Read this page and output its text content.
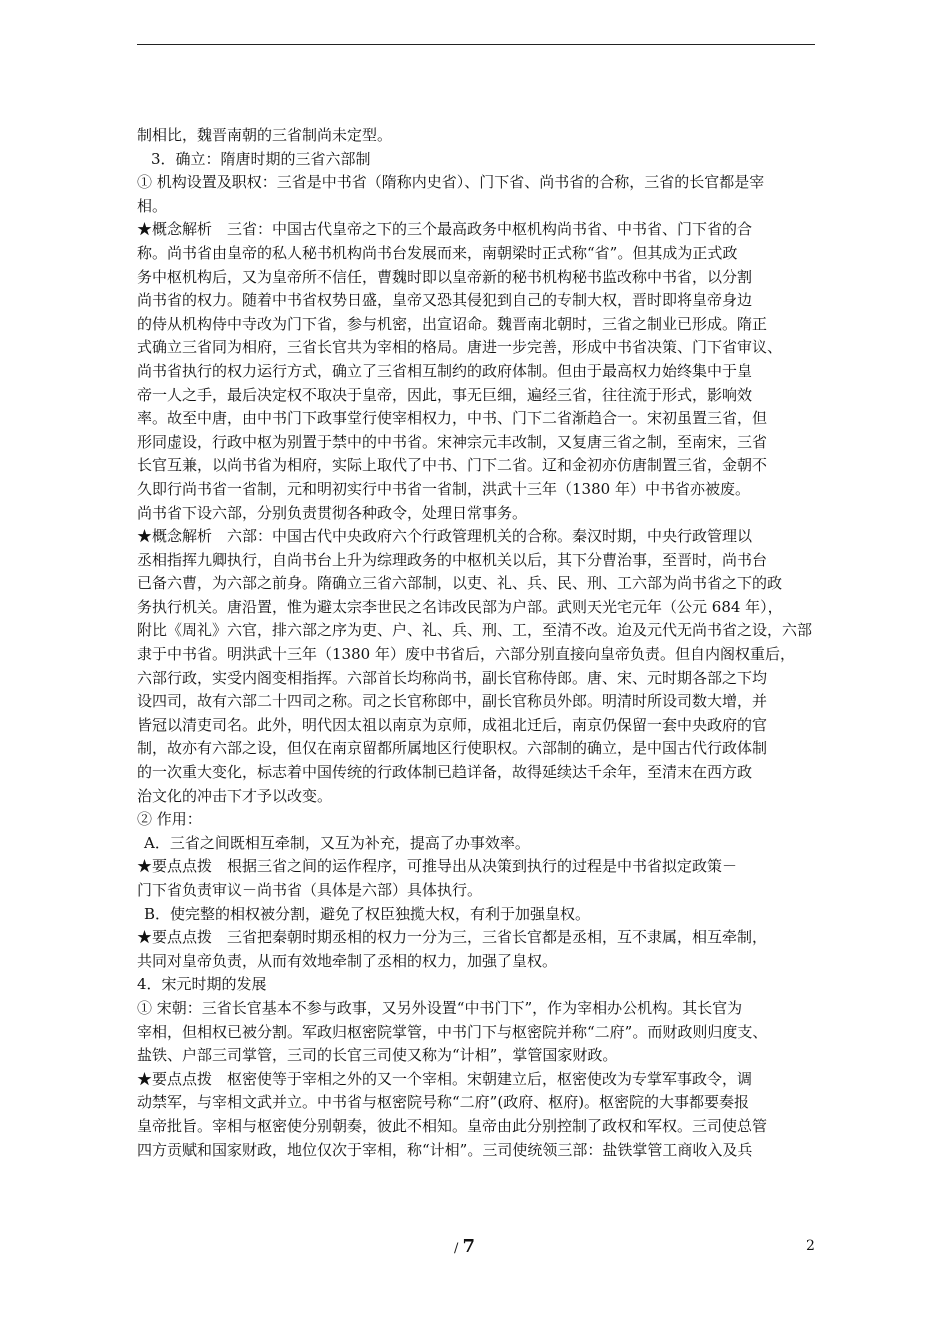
制相比，魏晋南朝的三省制尚未定型。
3．确立：隋唐时期的三省六部制
① 机构设置及职权：三省是中书省（隋称内史省）、门下省、尚书省的合称，三省的长官都是宰
相。
★概念解析　三省：中国古代皇帝之下的三个最高政务中枢机构尚书省、中书省、门下省的合
称。尚书省由皇帝的私人秘书机构尚书台发展而来，南朝梁时正式称“省”。但其成为正式政
务中枢机构后，又为皇帝所不信任，曹魏时即以皇帝新的秘书机构秘书监改称中书省，以分割
尚书省的权力。随着中书省权势日盛，皇帝又恐其侵犯到自己的专制大权，晋时即将皇帝身边
的侍从机构侍中寺改为门下省，参与机密，出宣诏命。魏晋南北朝时，三省之制业已形成。隋正
式确立三省同为相府，三省长官共为宰相的格局。唐进一步完善，形成中书省决策、门下省审议、
尚书省执行的权力运行方式，确立了三省相互制约的政府体制。但由于最高权力始终集中于皇
帝一人之手，最后决定权不取决于皇帝，因此，事无巨细，遍经三省，往往流于形式，影响效
率。故至中唐，由中书门下政事堂行使宰相权力，中书、门下二省渐趋合一。宋初虽置三省，但
形同虚设，行政中枢为别置于禁中的中书省。宋神宗元丰改制，又复唐三省之制，至南宋，三省
长官互兼，以尚书省为相府，实际上取代了中书、门下二省。辽和金初亦仿唐制置三省，金朝不
久即行尚书省一省制，元和明初实行中书省一省制，洪武十三年（1380 年）中书省亦被废。
尚书省下设六部，分别负责贯彻各种政令，处理日常事务。
★概念解析　六部：中国古代中央政府六个行政管理机关的合称。秦汉时期，中央行政管理以
丞相指挥九卿执行，自尚书台上升为综理政务的中枢机关以后，其下分曹治事，至晋时，尚书台
已备六曹，为六部之前身。隋确立三省六部制，以吏、礼、兵、民、刑、工六部为尚书省之下的政
务执行机关。唐沿置，惟为避太宗李世民之名讳改民部为户部。武则天光宅元年（公元 684 年），
附比《周礼》六官，排六部之序为吏、户、礼、兵、刑、工，至清不改。迨及元代无尚书省之设，六部
隶于中书省。明洪武十三年（1380 年）废中书省后，六部分别直接向皇帝负责。但自内阁权重后，
六部行政，实受内阁变相指挥。六部首长均称尚书，副长官称侍郎。唐、宋、元时期各部之下均
设四司，故有六部二十四司之称。司之长官称郎中，副长官称员外郎。明清时所设司数大增，并
皆冠以清吏司名。此外，明代因太祖以南京为京师，成祖北迁后，南京仍保留一套中央政府的官
制，故亦有六部之设，但仅在南京留都所属地区行使职权。六部制的确立，是中国古代行政体制
的一次重大变化，标志着中国传统的行政体制已趋详备，故得延续达千余年，至清末在西方政
治文化的冲击下才予以改变。
② 作用：
A．三省之间既相互牵制，又互为补充，提高了办事效率。
★要点点拨　根据三省之间的运作程序，可推导出从决策到执行的过程是中书省拟定政策－
门下省负责审议－尚书省（具体是六部）具体执行。
B．使完整的相权被分割，避免了权臣独揽大权，有利于加强皇权。
★要点点拨　三省把秦朝时期丞相的权力一分为三，三省长官都是丞相，互不隶属，相互牵制，
共同对皇帝负责，从而有效地牵制了丞相的权力，加强了皇权。
4．宋元时期的发展
① 宋朝：三省长官基本不参与政事，又另外设置“中书门下”，作为宰相办公机构。其长官为
宰相，但相权已被分割。军政归枢密院掌管，中书门下与枢密院并称“二府”。而财政则归度支、
盐铁、户部三司掌管，三司的长官三司使又称为“计相”，掌管国家财政。
★要点点拨　枢密使等于宰相之外的又一个宰相。宋朝建立后，枢密使改为专掌军事政令，调
动禁军，与宰相文武并立。中书省与枢密院号称“二府”(政府、枢府)。枢密院的大事都要奏报
皇帝批旨。宰相与枢密使分别朝奏，彼此不相知。皇帝由此分别控制了政权和军权。三司使总管
四方贡赋和国家财政，地位仅次于宰相，称“计相”。三司使统领三部：盐铁掌管工商收入及兵
/ 7	2
